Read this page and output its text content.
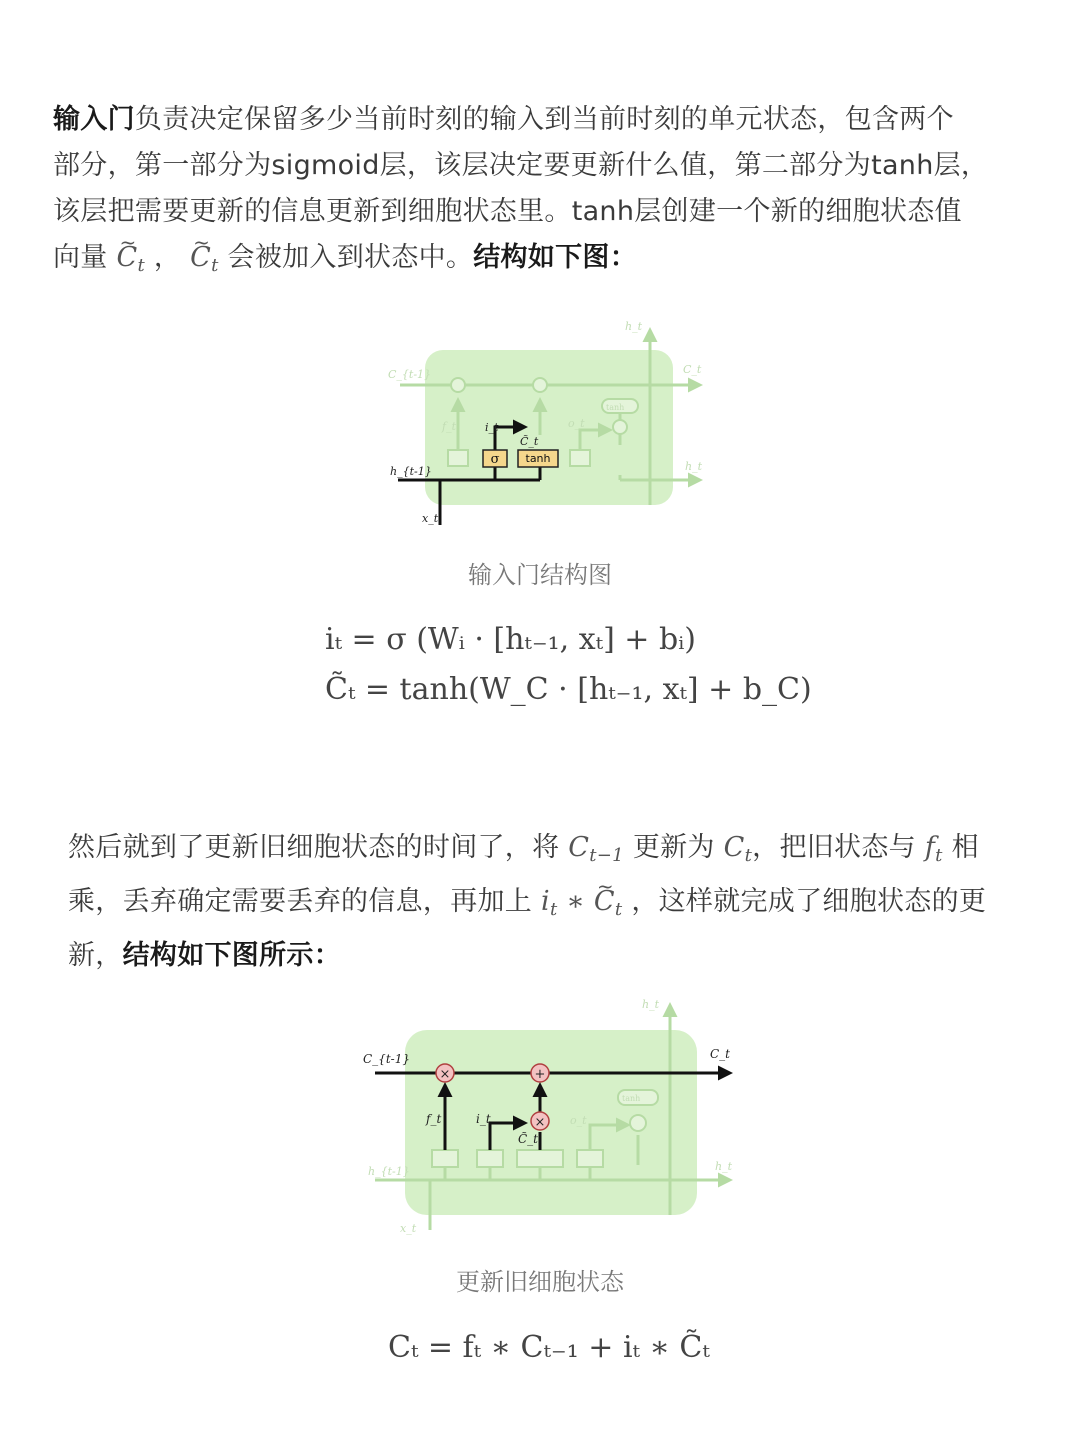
输入门负责决定保留多少当前时刻的输入到当前时刻的单元状态，包含两个
部分，第一部分为sigmoid层，该层决定要更新什么值，第二部分为tanh层，
该层把需要更新的信息更新到细胞状态里。tanh层创建一个新的细胞状态值
向量 ~ $C_t$ ， ~ $C_t$ 会被加入到状态中。结构如下图：
h_t
C_{t-1}	C_t
f_t	o_t
h_t
tanh
σ tanh
i_t
C̃_t
h_{t-1}
x_t
输入门结构图
iₜ = σ (Wᵢ · [hₜ₋₁, xₜ] + bᵢ)
C̃ₜ = tanh(W_C · [hₜ₋₁, xₜ] + b_C)
然后就到了更新旧细胞状态的时间了，将 $C_{t-1}$ 更新为 $C_t$，把旧状态与 $f_t$ 相
乘，丢弃确定需要丢弃的信息，再加上 $i_t$ ∗ ~ $C_t$ ，这样就完成了细胞状态的更
新，结构如下图所示：
h_t
o_t
h_{t-1}
x_t
h_t
tanh
×	+
×
C_{t-1}	C_t
f_t	i_t
C̃_t
更新旧细胞状态
Cₜ = fₜ ∗ Cₜ₋₁ + iₜ ∗ C̃ₜ
